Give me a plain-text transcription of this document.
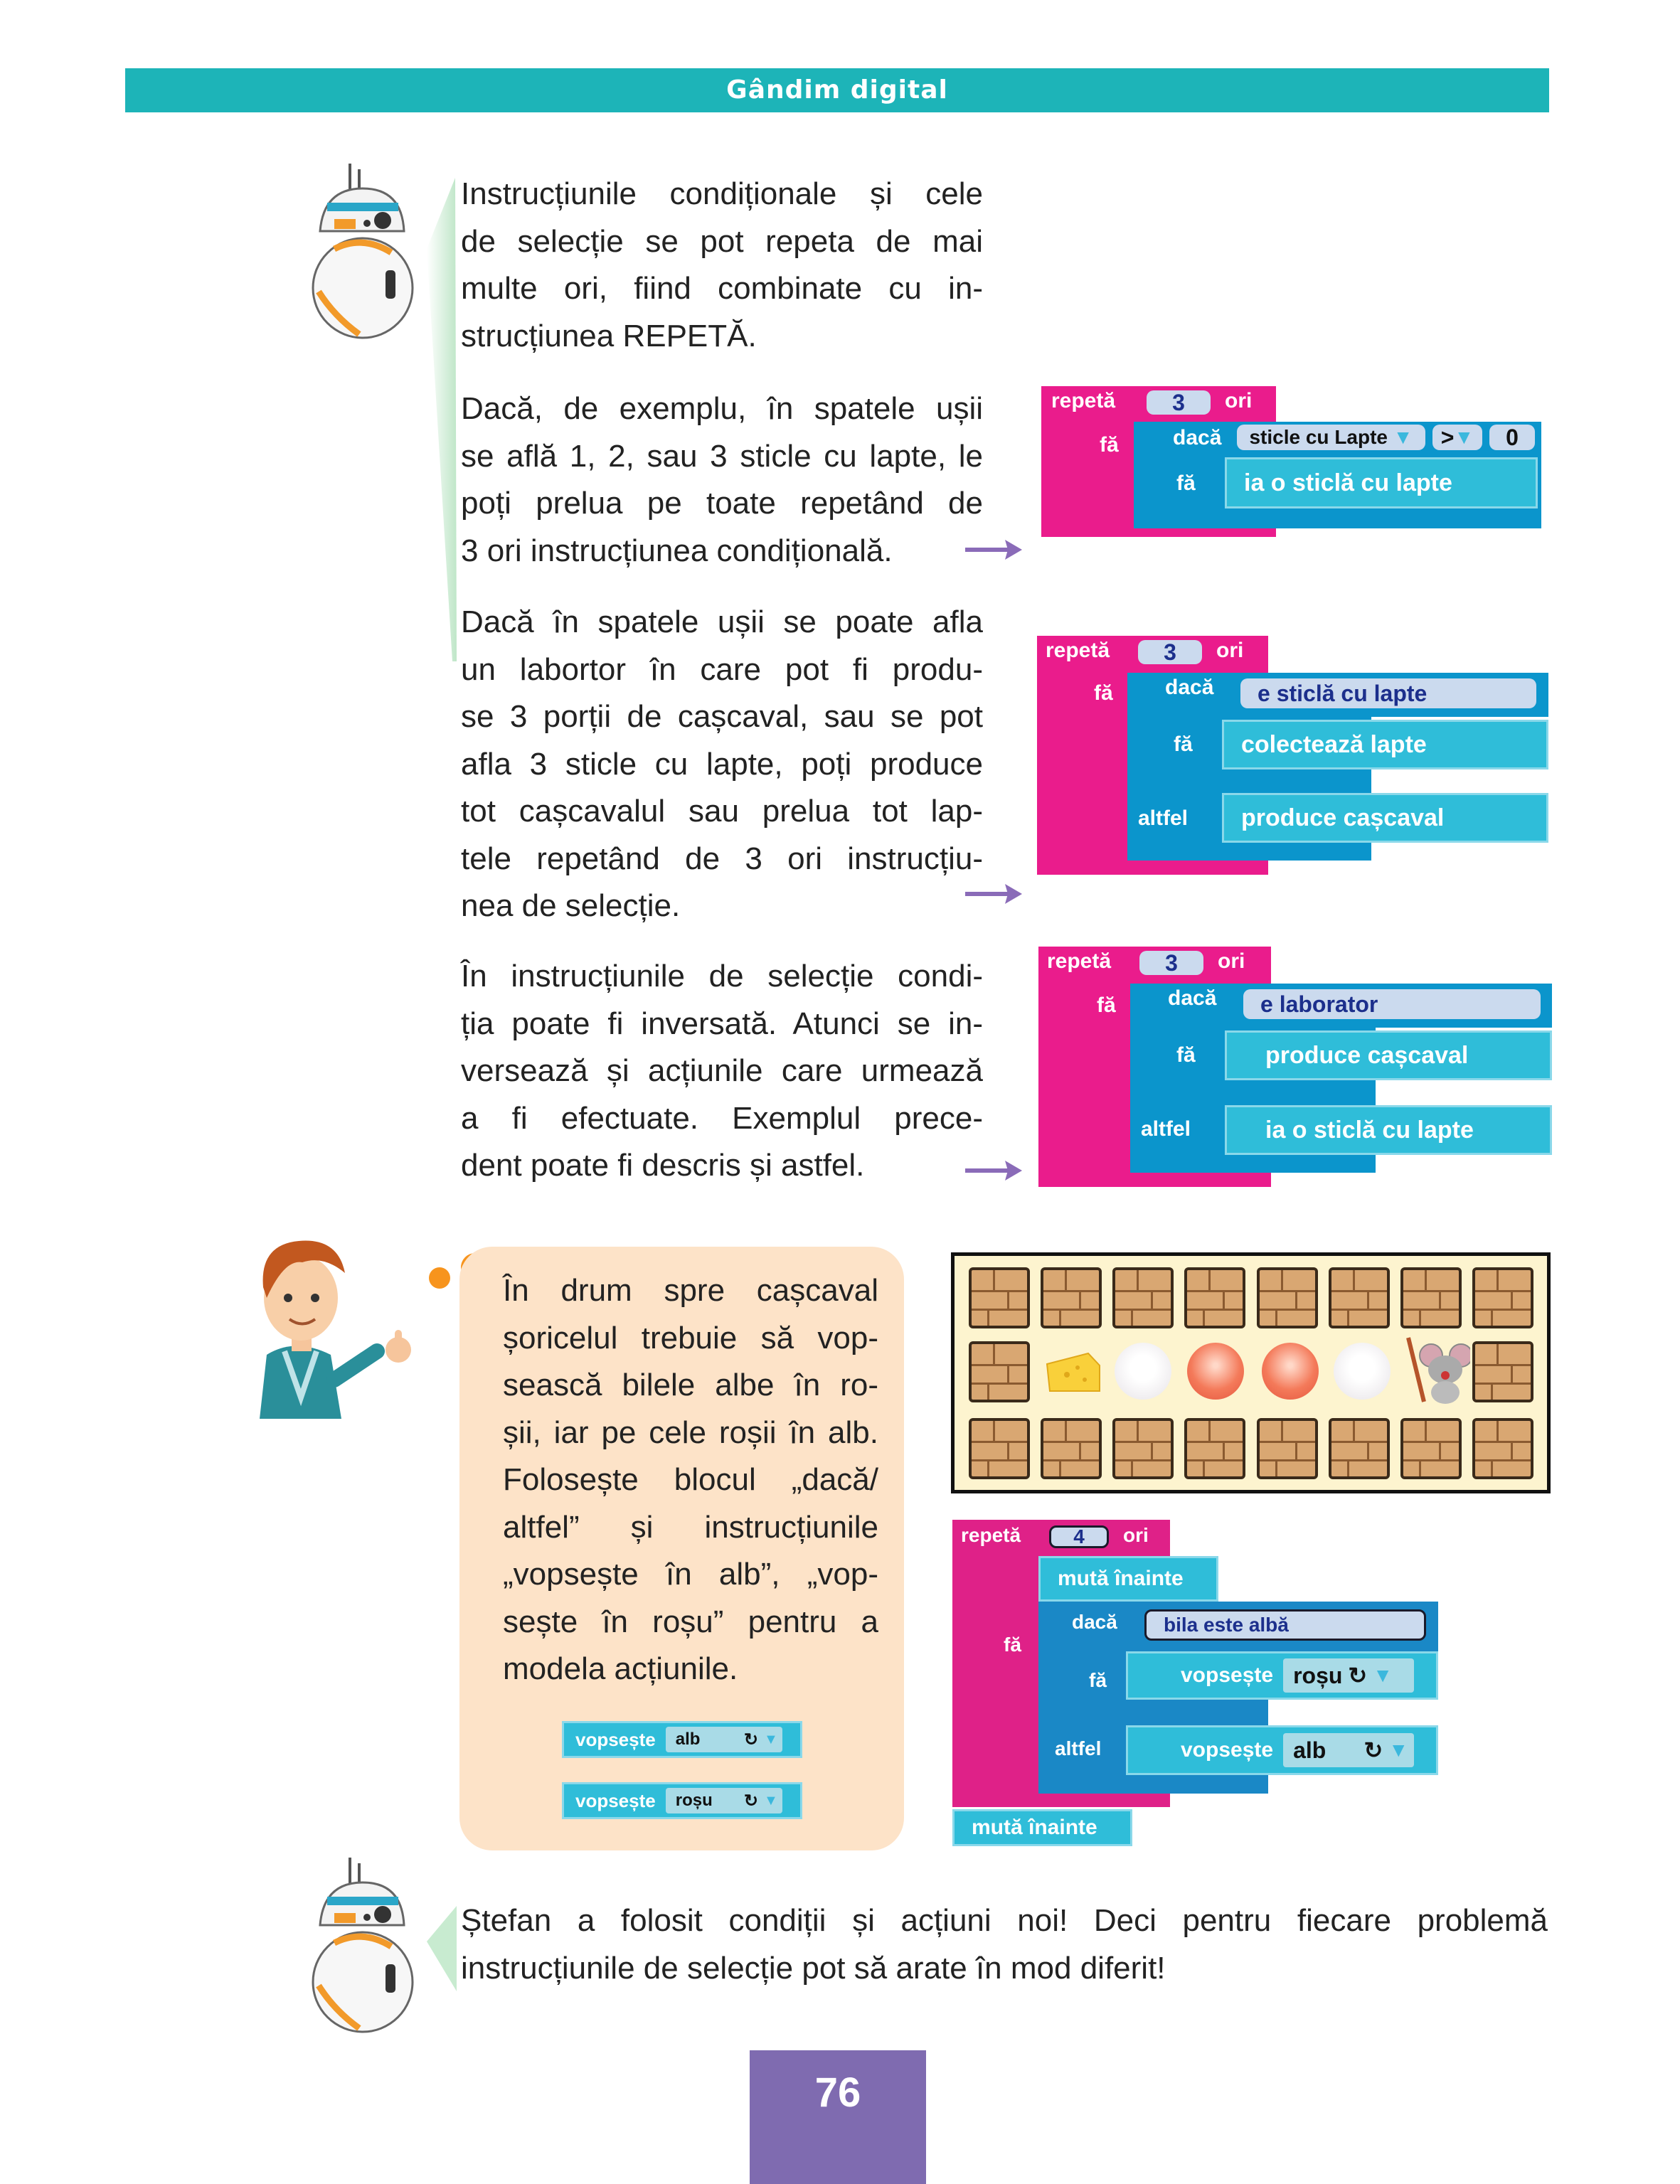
Gândim digital
Instrucțiunile condiționale și cele
de selecție se pot repeta de mai
multe ori, fiind combinate cu in-
strucțiunea REPETĂ.
Dacă, de exemplu, în spatele ușii
se află 1, 2, sau 3 sticle cu lapte, le
poți prelua pe toate repetând de
3 ori instrucțiunea condițională.
Dacă în spatele ușii se poate afla
un labortor în care pot fi produ-
se 3 porții de cașcaval, sau se pot
afla 3 sticle cu lapte, poți produce
tot cașcavalul sau prelua tot lap-
tele repetând de 3 ori instrucțiu-
nea de selecție.
În instrucțiunile de selecție condi-
ția poate fi inversată. Atunci se in-
versează și acțiunile care urmează
a fi efectuate. Exemplul prece-
dent poate fi descris și astfel.
repetă	3	ori
fă	dacă sticle cu Lapte
▼ > ▼	0
fă	ia o sticlă cu lapte
repetă	3	ori
fă dacă	e sticlă cu lapte
fă	colectează lapte
altfel	produce cașcaval
repetă	3	ori
fă dacă	e laborator
fă	produce cașcaval
altfel	ia o sticlă cu lapte
În drum spre cașcaval
șoricelul trebuie să vop-
sească bilele albe în ro-
șii, iar pe cele roșii în alb.
Folosește blocul „dacă/
altfel” și instrucțiunile
„vopsește în alb”, „vop-
sește în roșu” pentru a
modela acțiunile.
vopsește alb	↻ ▼
vopsește roșu ↻ ▼
repetă	4	ori
mută înainte
fă
dacă	bila este albă
fă	vopsește roșu ↻ ▼
altfel	vopsește alb ↻ ▼
mută înainte
Ștefan a folosit condiții și acțiuni noi! Deci pentru fiecare problemă
instrucțiunile de selecție pot să arate în mod diferit!
76
